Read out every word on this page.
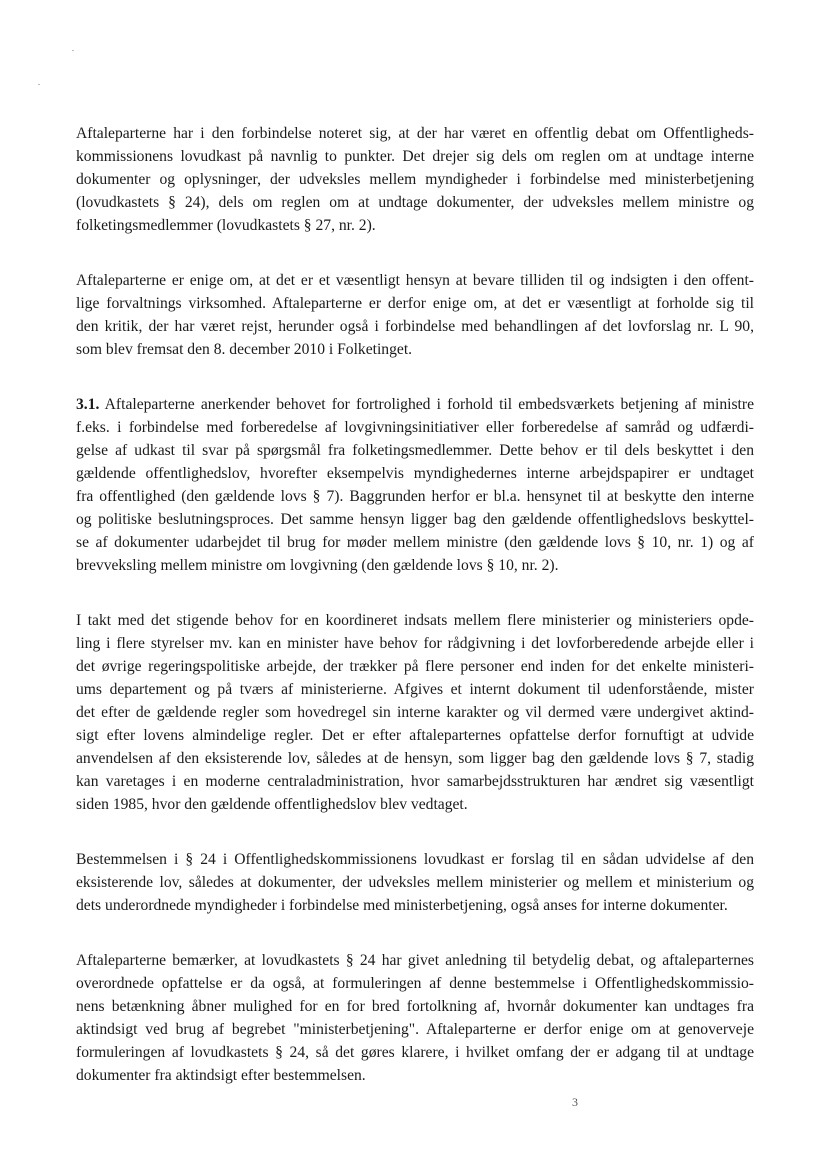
Aftaleparterne har i den forbindelse noteret sig, at der har været en offentlig debat om Offentligheds-
kommissionens lovudkast på navnlig to punkter. Det drejer sig dels om reglen om at undtage interne
dokumenter og oplysninger, der udveksles mellem myndigheder i forbindelse med ministerbetjening
(lovudkastets § 24), dels om reglen om at undtage dokumenter, der udveksles mellem ministre og
folketingsmedlemmer (lovudkastets § 27, nr. 2).
Aftaleparterne er enige om, at det er et væsentligt hensyn at bevare tilliden til og indsigten i den offent-
lige forvaltnings virksomhed. Aftaleparterne er derfor enige om, at det er væsentligt at forholde sig til
den kritik, der har været rejst, herunder også i forbindelse med behandlingen af det lovforslag nr. L 90,
som blev fremsat den 8. december 2010 i Folketinget.
3.1. Aftaleparterne anerkender behovet for fortrolighed i forhold til embedsværkets betjening af ministre
f.eks. i forbindelse med forberedelse af lovgivningsinitiativer eller forberedelse af samråd og udfærdi-
gelse af udkast til svar på spørgsmål fra folketingsmedlemmer. Dette behov er til dels beskyttet i den
gældende offentlighedslov, hvorefter eksempelvis myndighedernes interne arbejdspapirer er undtaget
fra offentlighed (den gældende lovs § 7). Baggrunden herfor er bl.a. hensynet til at beskytte den interne
og politiske beslutningsproces. Det samme hensyn ligger bag den gældende offentlighedslovs beskyttel-
se af dokumenter udarbejdet til brug for møder mellem ministre (den gældende lovs § 10, nr. 1) og af
brevveksling mellem ministre om lovgivning (den gældende lovs § 10, nr. 2).
I takt med det stigende behov for en koordineret indsats mellem flere ministerier og ministeriers opde-
ling i flere styrelser mv. kan en minister have behov for rådgivning i det lovforberedende arbejde eller i
det øvrige regeringspolitiske arbejde, der trækker på flere personer end inden for det enkelte ministeri-
ums departement og på tværs af ministerierne. Afgives et internt dokument til udenforstående, mister
det efter de gældende regler som hovedregel sin interne karakter og vil dermed være undergivet aktind-
sigt efter lovens almindelige regler. Det er efter aftaleparternes opfattelse derfor fornuftigt at udvide
anvendelsen af den eksisterende lov, således at de hensyn, som ligger bag den gældende lovs § 7, stadig
kan varetages i en moderne centraladministration, hvor samarbejdsstrukturen har ændret sig væsentligt
siden 1985, hvor den gældende offentlighedslov blev vedtaget.
Bestemmelsen i § 24 i Offentlighedskommissionens lovudkast er forslag til en sådan udvidelse af den
eksisterende lov, således at dokumenter, der udveksles mellem ministerier og mellem et ministerium og
dets underordnede myndigheder i forbindelse med ministerbetjening, også anses for interne dokumenter.
Aftaleparterne bemærker, at lovudkastets § 24 har givet anledning til betydelig debat, og aftaleparternes
overordnede opfattelse er da også, at formuleringen af denne bestemmelse i Offentlighedskommissio-
nens betænkning åbner mulighed for en for bred fortolkning af, hvornår dokumenter kan undtages fra
aktindsigt ved brug af begrebet "ministerbetjening". Aftaleparterne er derfor enige om at genoverveje
formuleringen af lovudkastets § 24, så det gøres klarere, i hvilket omfang der er adgang til at undtage
dokumenter fra aktindsigt efter bestemmelsen.
3
